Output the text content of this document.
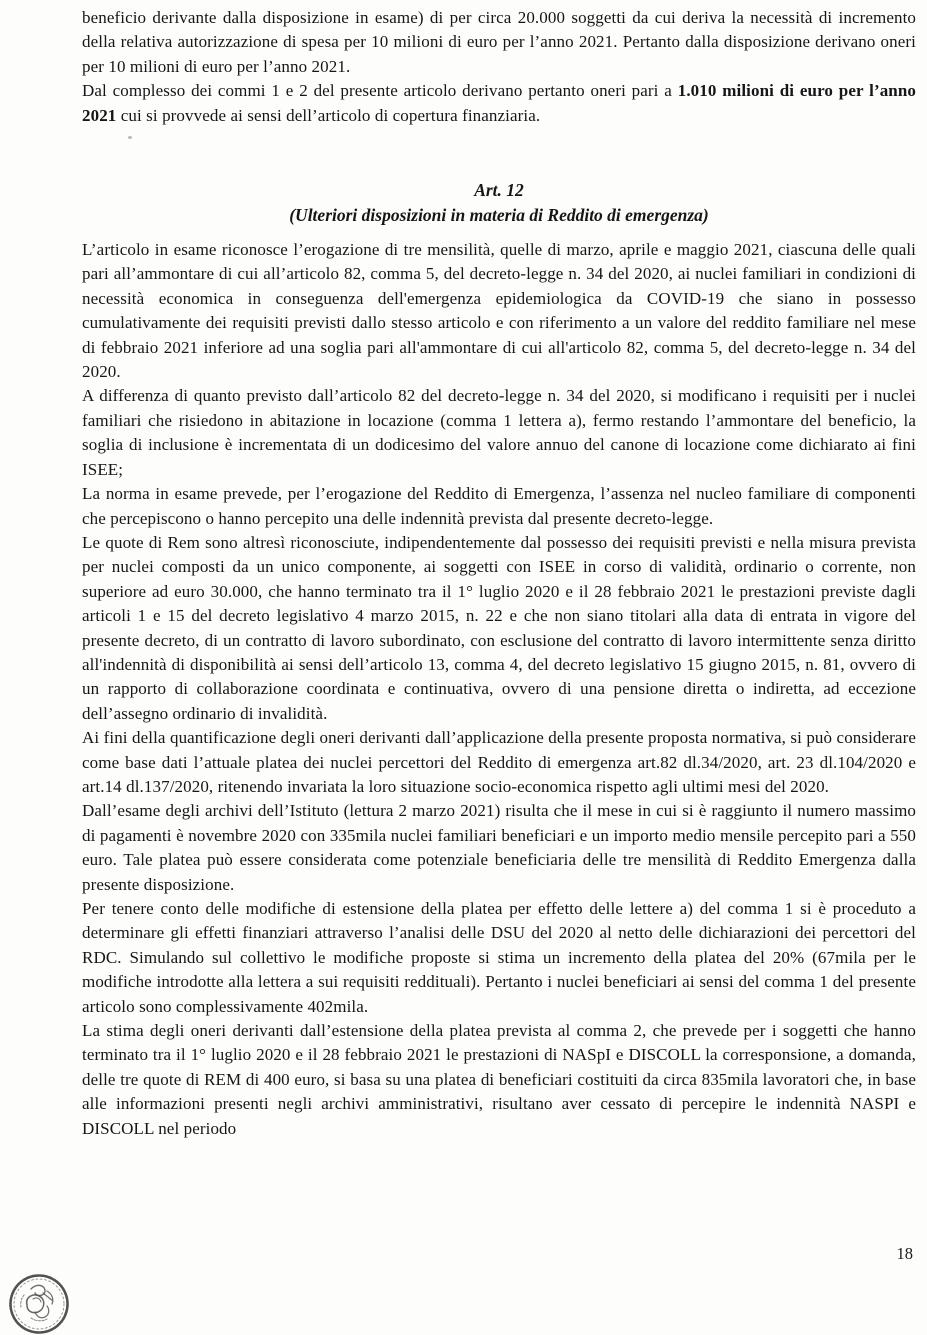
beneficio derivante dalla disposizione in esame) di per circa 20.000 soggetti da cui deriva la necessità di incremento della relativa autorizzazione di spesa per 10 milioni di euro per l’anno 2021. Pertanto dalla disposizione derivano oneri per 10 milioni di euro per l’anno 2021.

Dal complesso dei commi 1 e 2 del presente articolo derivano pertanto oneri pari a 1.010 milioni di euro per l’anno 2021 cui si provvede ai sensi dell’articolo di copertura finanziaria.

Art. 12
(Ulteriori disposizioni in materia di Reddito di emergenza)

L’articolo in esame riconosce l’erogazione di tre mensilità, quelle di marzo, aprile e maggio 2021, ciascuna delle quali pari all’ammontare di cui all’articolo 82, comma 5, del decreto-legge n. 34 del 2020, ai nuclei familiari in condizioni di necessità economica in conseguenza dell'emergenza epidemiologica da COVID-19 che siano in possesso cumulativamente dei requisiti previsti dallo stesso articolo e con riferimento a un valore del reddito familiare nel mese di febbraio 2021 inferiore ad una soglia pari all'ammontare di cui all'articolo 82, comma 5, del decreto-legge n. 34 del 2020.

A differenza di quanto previsto dall’articolo 82 del decreto-legge n. 34 del 2020, si modificano i requisiti per i nuclei familiari che risiedono in abitazione in locazione (comma 1 lettera a), fermo restando l’ammontare del beneficio, la soglia di inclusione è incrementata di un dodicesimo del valore annuo del canone di locazione come dichiarato ai fini ISEE;

La norma in esame prevede, per l’erogazione del Reddito di Emergenza, l’assenza nel nucleo familiare di componenti che percepiscono o hanno percepito una delle indennità prevista dal presente decreto-legge.

Le quote di Rem sono altresì riconosciute, indipendentemente dal possesso dei requisiti previsti e nella misura prevista per nuclei composti da un unico componente, ai soggetti con ISEE in corso di validità, ordinario o corrente, non superiore ad euro 30.000, che hanno terminato tra il 1° luglio 2020 e il 28 febbraio 2021 le prestazioni previste dagli articoli 1 e 15 del decreto legislativo 4 marzo 2015, n. 22 e che non siano titolari alla data di entrata in vigore del presente decreto, di un contratto di lavoro subordinato, con esclusione del contratto di lavoro intermittente senza diritto all'indennità di disponibilità ai sensi dell’articolo 13, comma 4, del decreto legislativo 15 giugno 2015, n. 81, ovvero di un rapporto di collaborazione coordinata e continuativa, ovvero di una pensione diretta o indiretta, ad eccezione dell’assegno ordinario di invalidità.

Ai fini della quantificazione degli oneri derivanti dall’applicazione della presente proposta normativa, si può considerare come base dati l’attuale platea dei nuclei percettori del Reddito di emergenza art.82 dl.34/2020, art. 23 dl.104/2020 e art.14 dl.137/2020, ritenendo invariata la loro situazione socio-economica rispetto agli ultimi mesi del 2020.

Dall’esame degli archivi dell’Istituto (lettura 2 marzo 2021) risulta che il mese in cui si è raggiunto il numero massimo di pagamenti è novembre 2020 con 335mila nuclei familiari beneficiari e un importo medio mensile percepito pari a 550 euro. Tale platea può essere considerata come potenziale beneficiaria delle tre mensilità di Reddito Emergenza dalla presente disposizione.

Per tenere conto delle modifiche di estensione della platea per effetto delle lettere a) del comma 1 si è proceduto a determinare gli effetti finanziari attraverso l’analisi delle DSU del 2020 al netto delle dichiarazioni dei percettori del RDC. Simulando sul collettivo le modifiche proposte si stima un incremento della platea del 20% (67mila per le modifiche introdotte alla lettera a sui requisiti reddituali). Pertanto i nuclei beneficiari ai sensi del comma 1 del presente articolo sono complessivamente 402mila.

La stima degli oneri derivanti dall’estensione della platea prevista al comma 2, che prevede per i soggetti che hanno terminato tra il 1° luglio 2020 e il 28 febbraio 2021 le prestazioni di NASpI e DISCOLL la corresponsione, a domanda, delle tre quote di REM di 400 euro, si basa su una platea di beneficiari costituiti da circa 835mila lavoratori che, in base alle informazioni presenti negli archivi amministrativi, risultano aver cessato di percepire le indennità NASPI e DISCOLL nel periodo

18
